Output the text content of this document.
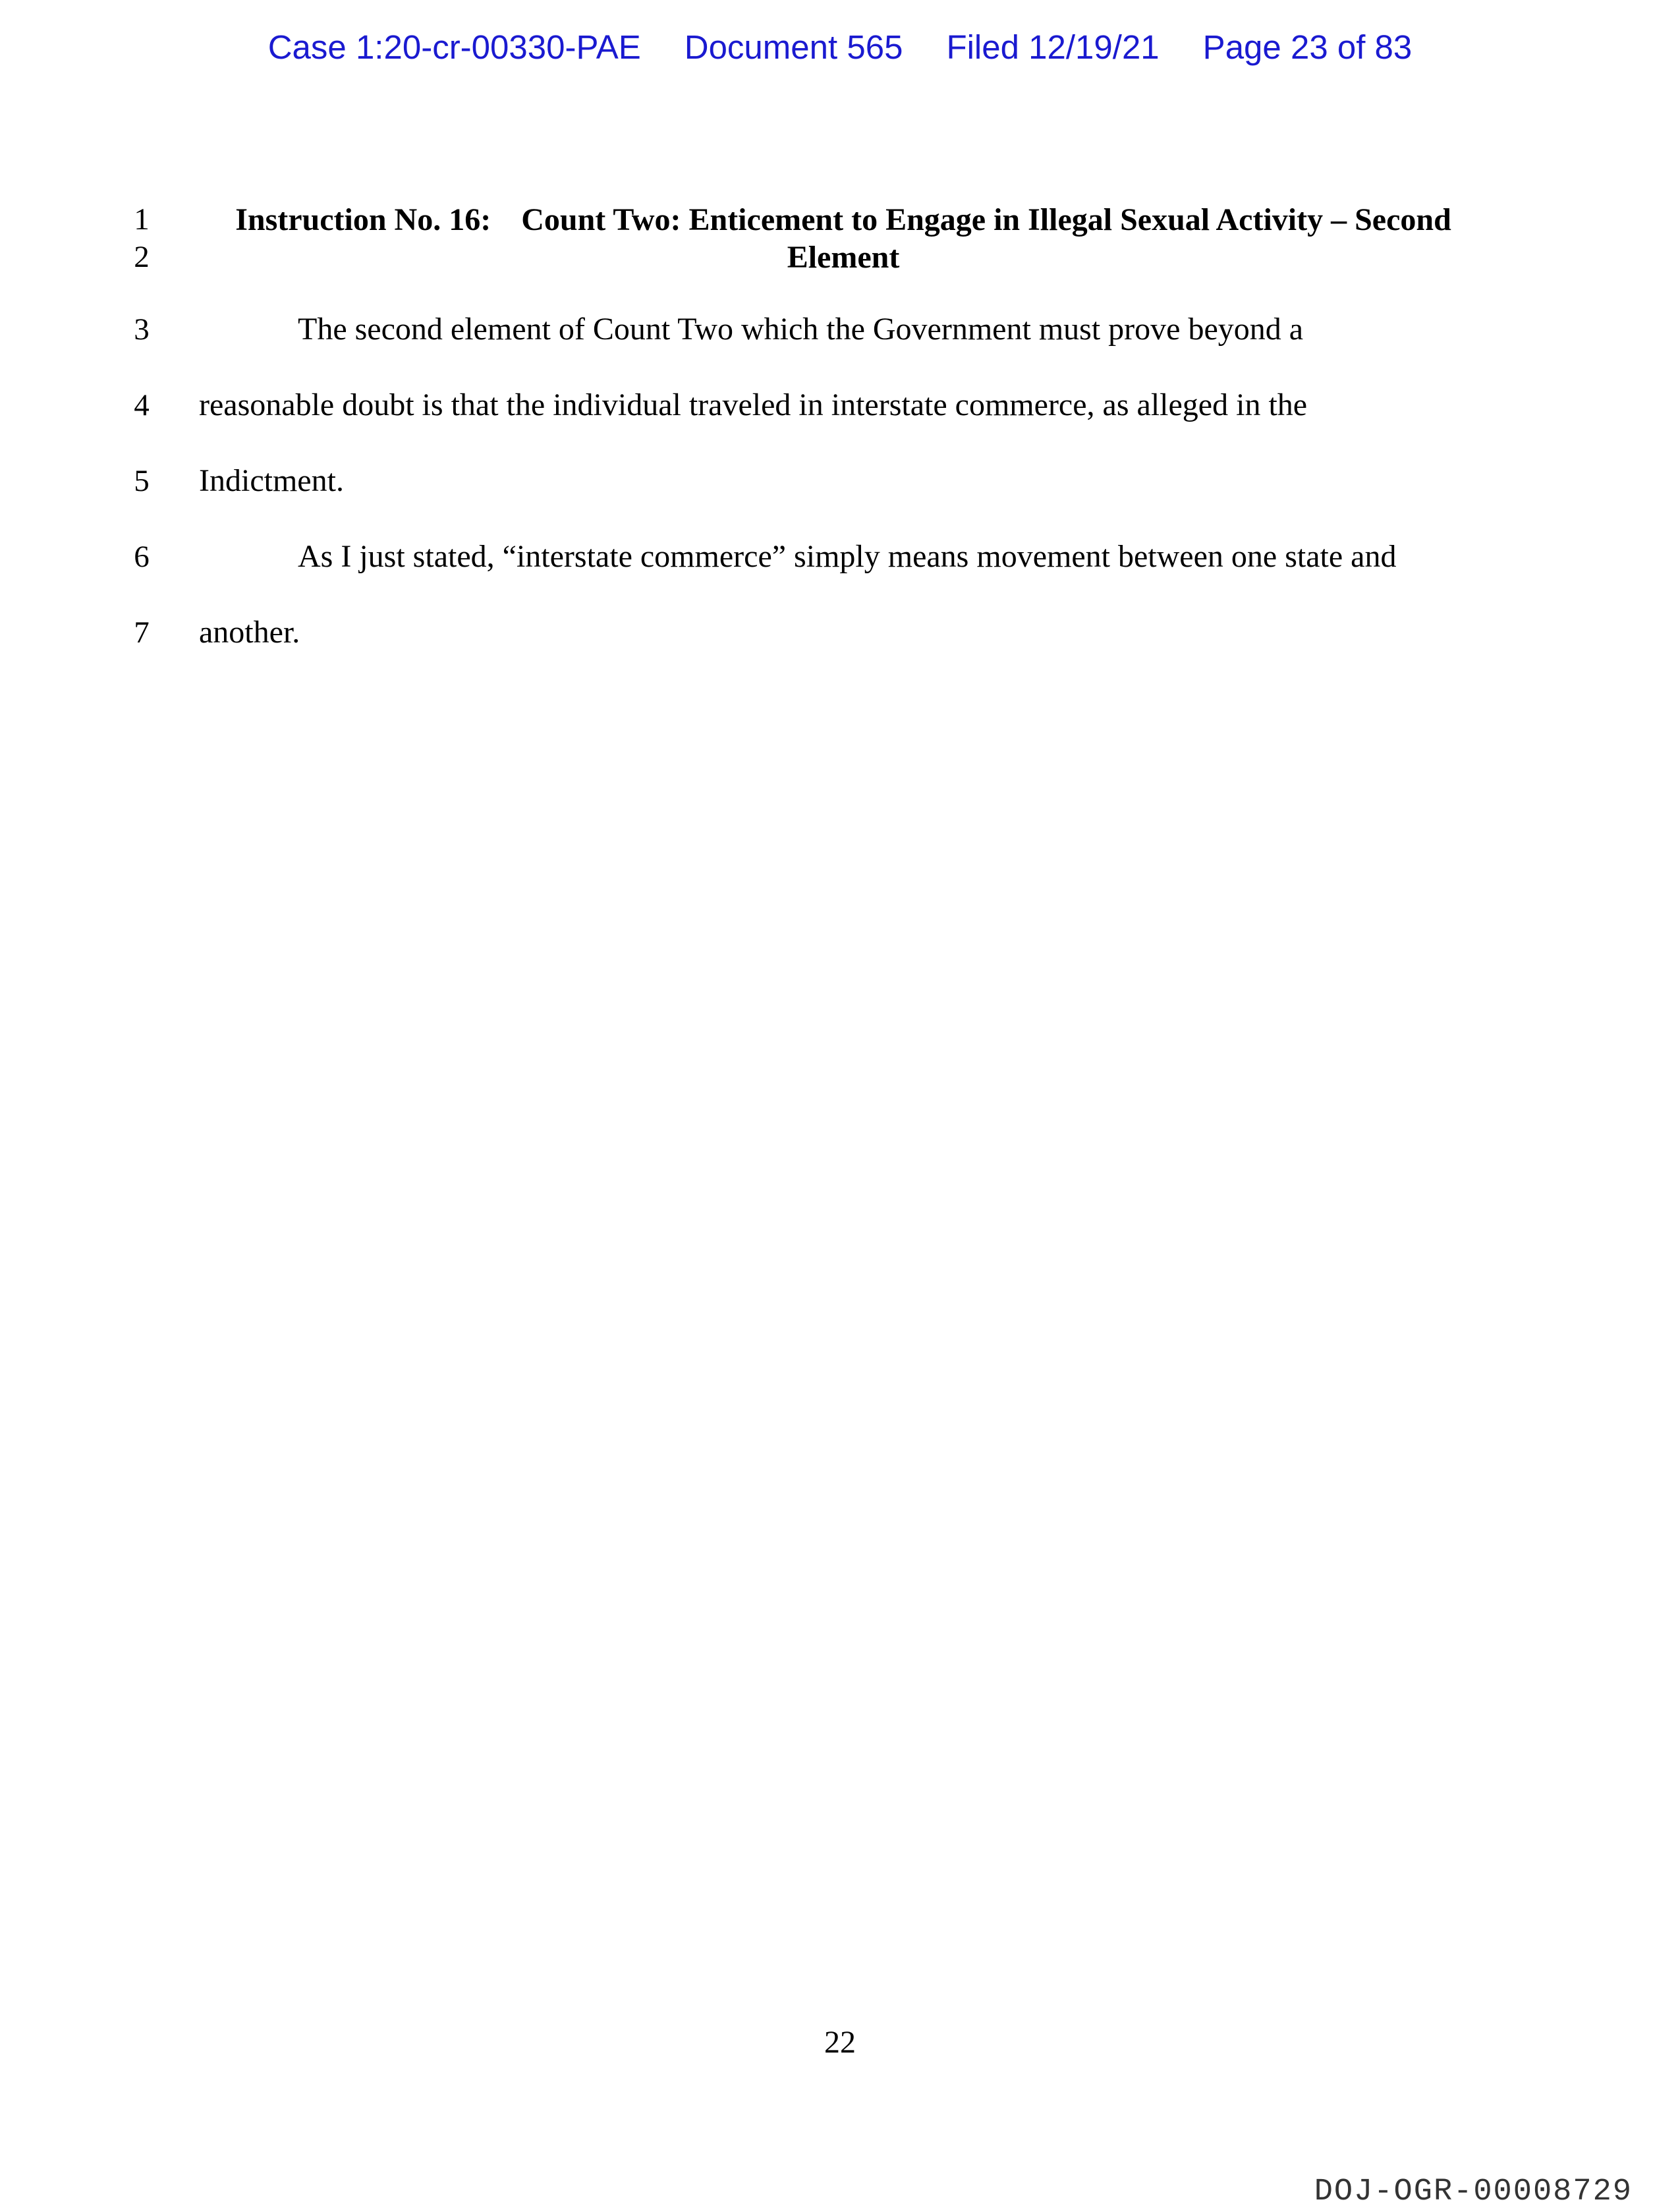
Case 1:20-cr-00330-PAE Document 565 Filed 12/19/21 Page 23 of 83
1
2
3
4
5
6
7
Instruction No. 16: Count Two: Enticement to Engage in Illegal Sexual Activity – Second
Element
The second element of Count Two which the Government must prove beyond a
reasonable doubt is that the individual traveled in interstate commerce, as alleged in the
Indictment.
As I just stated, “interstate commerce” simply means movement between one state and
another.
22
DOJ-OGR-00008729
